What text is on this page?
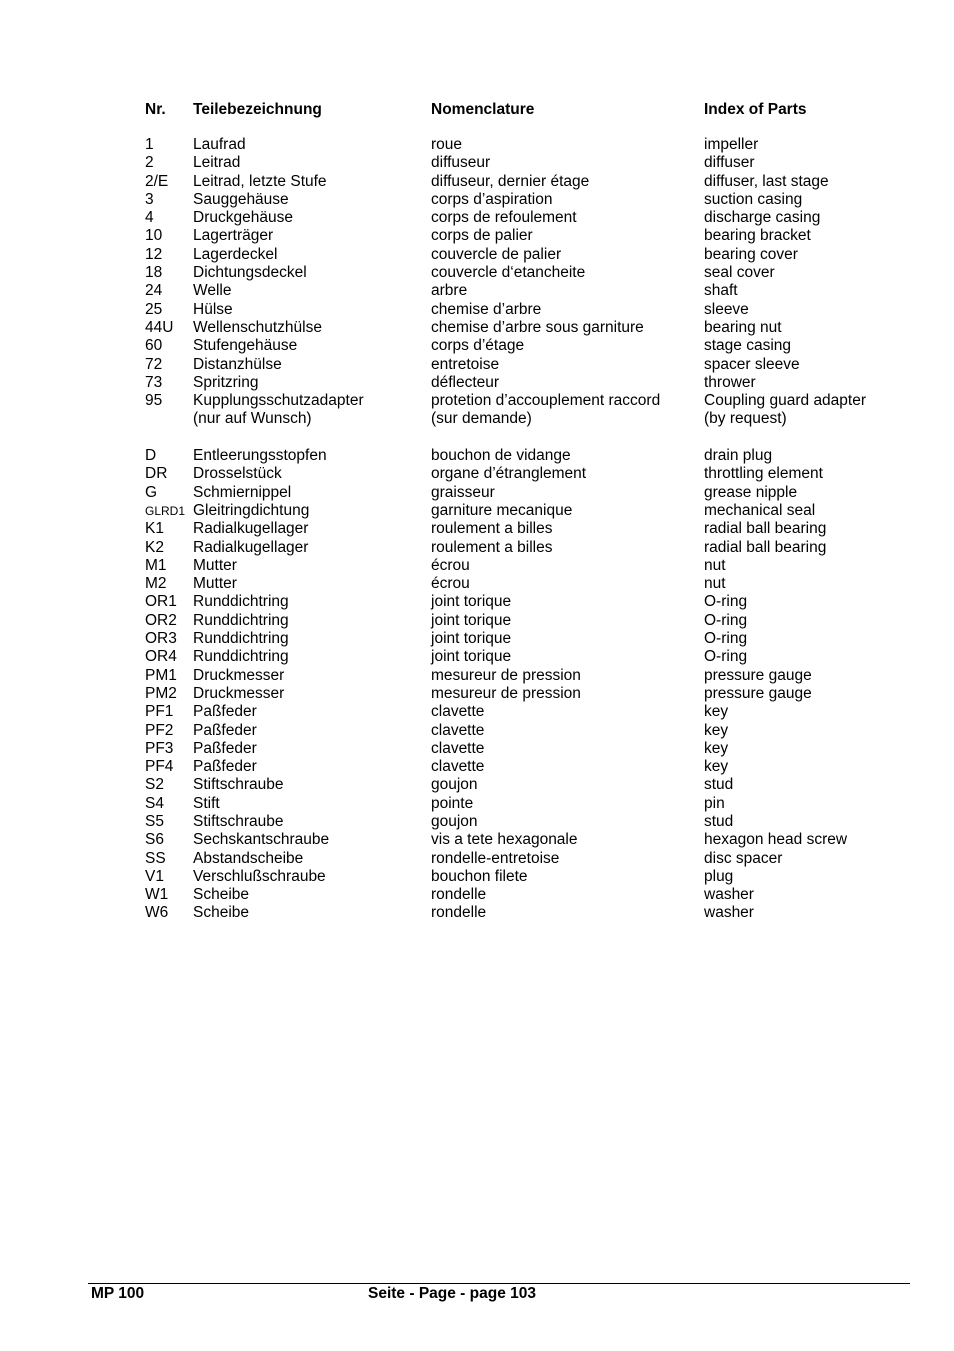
Nr. Teilebezeichnung	Nomenclature	Index of Parts
1	Laufrad	roue	impeller
2	Leitrad	diffuseur	diffuser
2/E Leitrad, letzte Stufe	diffuseur, dernier étage	diffuser, last stage
3	Sauggehäuse	corps d’aspiration	suction casing
4	Druckgehäuse	corps de refoulement	discharge casing
10 Lagerträger	corps de palier	bearing bracket
12 Lagerdeckel	couvercle de palier	bearing cover
18 Dichtungsdeckel	couvercle d‘etancheite	seal cover
24 Welle	arbre	shaft
25 Hülse	chemise d’arbre	sleeve
44U Wellenschutzhülse	chemise d’arbre sous garniture	bearing nut
60 Stufengehäuse	corps d’étage	stage casing
72 Distanzhülse	entretoise	spacer sleeve
73 Spritzring	déflecteur	thrower
95 Kupplungsschutzadapter	protetion d’accouplement raccord	Coupling guard adapter
(nur auf Wunsch)	(sur demande)	(by request)
D Entleerungsstopfen	bouchon de vidange	drain plug
DR Drosselstück	organe d’étranglement	throttling element
G Schmiernippel	graisseur	grease nipple
GLRD1 Gleitringdichtung	garniture mecanique	mechanical seal
K1 Radialkugellager	roulement a billes	radial ball bearing
K2 Radialkugellager	roulement a billes	radial ball bearing
M1 Mutter	écrou	nut
M2 Mutter	écrou	nut
OR1 Runddichtring	joint torique	O-ring
OR2 Runddichtring	joint torique	O-ring
OR3 Runddichtring	joint torique	O-ring
OR4 Runddichtring	joint torique	O-ring
PM1 Druckmesser	mesureur de pression	pressure gauge
PM2 Druckmesser	mesureur de pression	pressure gauge
PF1 Paßfeder	clavette	key
PF2 Paßfeder	clavette	key
PF3 Paßfeder	clavette	key
PF4 Paßfeder	clavette	key
S2 Stiftschraube	goujon	stud
S4 Stift	pointe	pin
S5 Stiftschraube	goujon	stud
S6 Sechskantschraube	vis a tete hexagonale	hexagon head screw
SS Abstandscheibe	rondelle-entretoise	disc spacer
V1 Verschlußschraube	bouchon filete	plug
W1 Scheibe	rondelle	washer
W6 Scheibe	rondelle	washer
MP 100	Seite - Page - page 103
